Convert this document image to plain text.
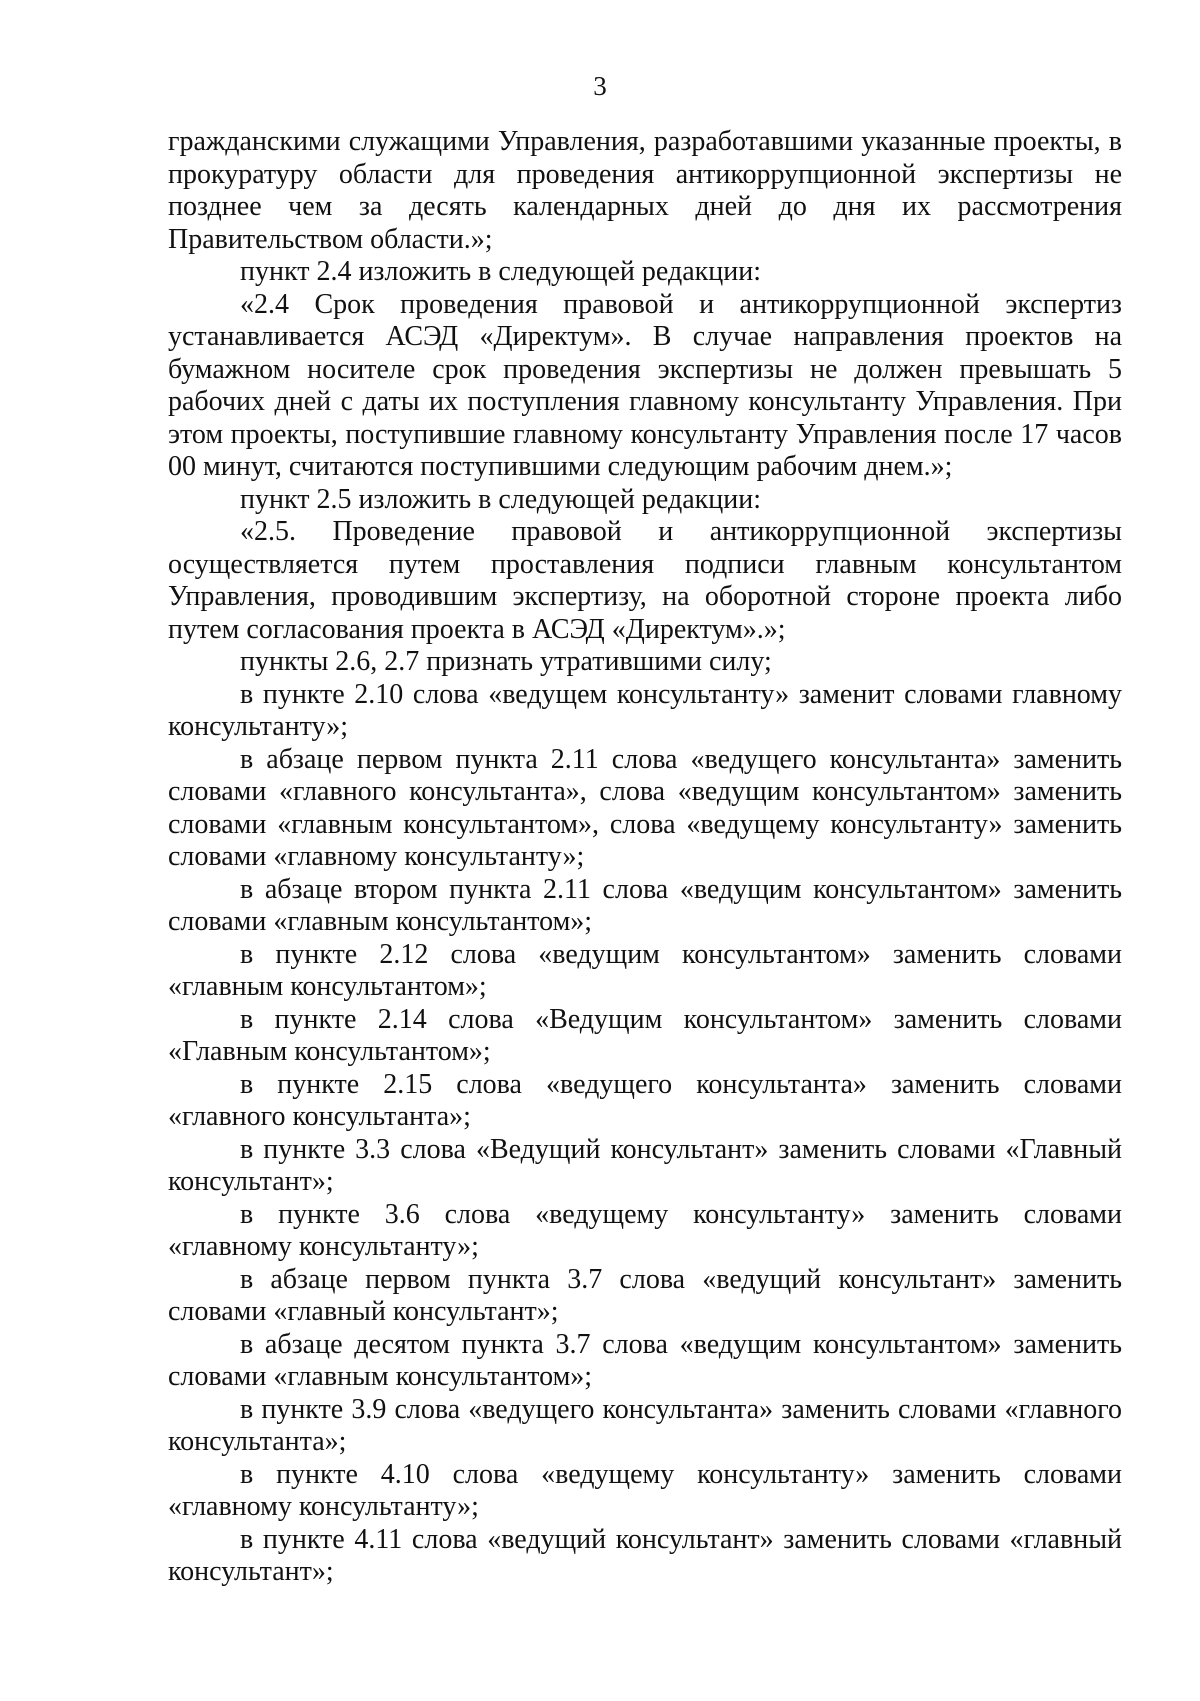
3

гражданскими служащими Управления, разработавшими указанные проекты, в прокуратуру области для проведения антикоррупционной экспертизы не позднее чем за десять календарных дней до дня их рассмотрения Правительством области.»;

пункт 2.4 изложить в следующей редакции:

«2.4 Срок проведения правовой и антикоррупционной экспертиз устанавливается АСЭД «Директум». В случае направления проектов на бумажном носителе срок проведения экспертизы не должен превышать 5 рабочих дней с даты их поступления главному консультанту Управления. При этом проекты, поступившие главному консультанту Управления после 17 часов 00 минут, считаются поступившими следующим рабочим днем.»;

пункт 2.5 изложить в следующей редакции:

«2.5. Проведение правовой и антикоррупционной экспертизы осуществляется путем проставления подписи главным консультантом Управления, проводившим экспертизу, на оборотной стороне проекта либо путем согласования проекта в АСЭД «Директум».»;

пункты 2.6, 2.7 признать утратившими силу;

в пункте 2.10 слова «ведущем консультанту» заменит словами главному консультанту»;

в абзаце первом пункта 2.11 слова «ведущего консультанта» заменить словами «главного консультанта», слова «ведущим консультантом» заменить словами «главным консультантом», слова «ведущему консультанту» заменить словами «главному консультанту»;

в абзаце втором пункта 2.11 слова «ведущим консультантом» заменить словами «главным консультантом»;

в пункте 2.12 слова «ведущим консультантом» заменить словами «главным консультантом»;

в пункте 2.14 слова «Ведущим консультантом» заменить словами «Главным консультантом»;

в пункте 2.15 слова «ведущего консультанта» заменить словами «главного консультанта»;

в пункте 3.3 слова «Ведущий консультант» заменить словами «Главный консультант»;

в пункте 3.6 слова «ведущему консультанту» заменить словами «главному консультанту»;

в абзаце первом пункта 3.7 слова «ведущий консультант» заменить словами «главный консультант»;

в абзаце десятом пункта 3.7 слова «ведущим консультантом» заменить словами «главным консультантом»;

в пункте 3.9 слова «ведущего консультанта» заменить словами «главного консультанта»;

в пункте 4.10 слова «ведущему консультанту» заменить словами «главному консультанту»;

в пункте 4.11 слова «ведущий консультант» заменить словами «главный консультант»;
